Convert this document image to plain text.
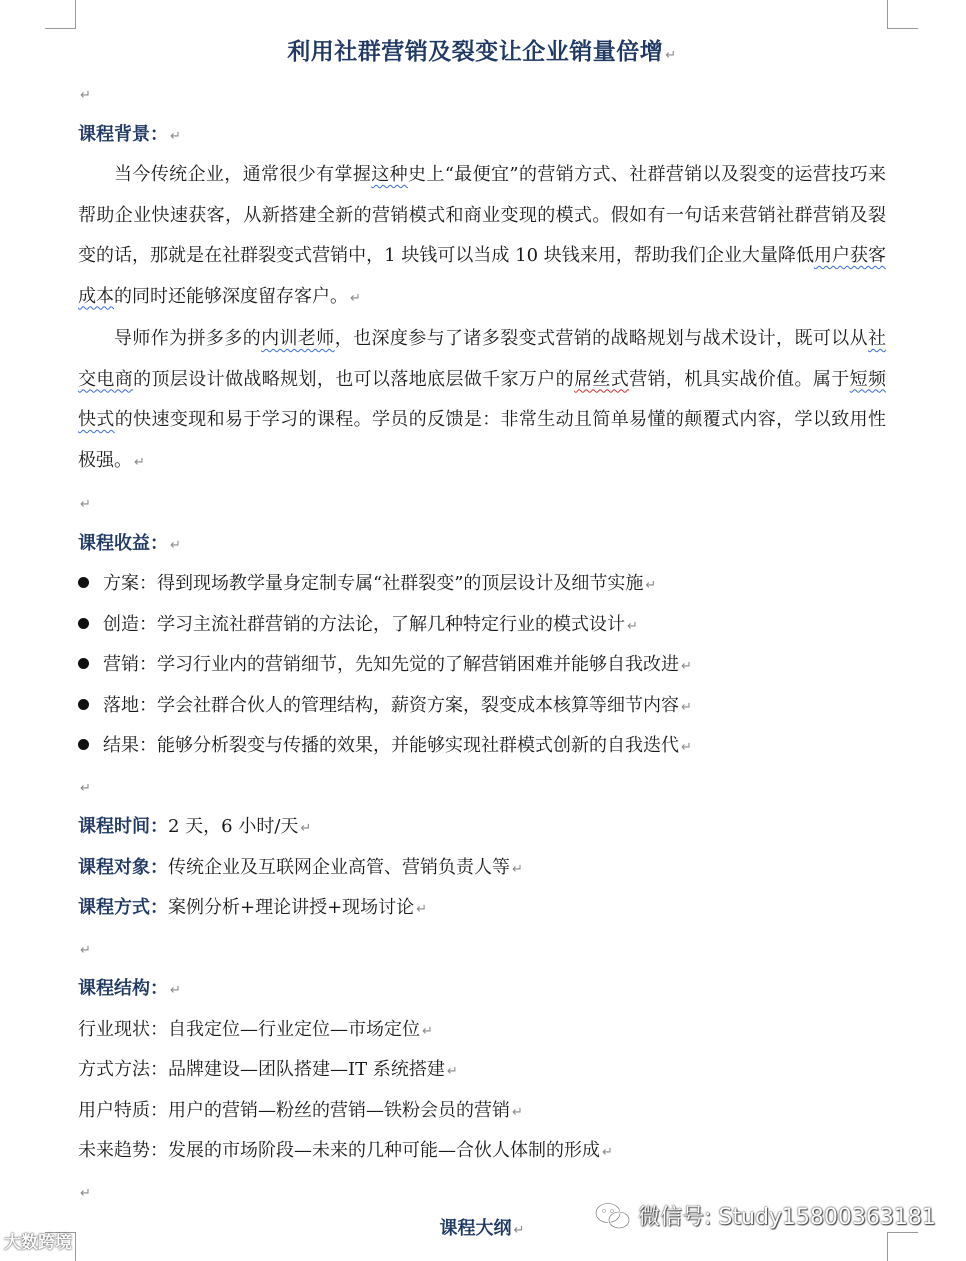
利用社群营销及裂变让企业销量倍增 ↵
↵
课程背景： ↵

当今传统企业，通常很少有掌握这种史上“最便宜”的营销方式、社群营销以及裂变的运营技巧来帮助企业快速获客，从新搭建全新的营销模式和商业变现的模式。假如有一句话来营销社群营销及裂变的话，那就是在社群裂变式营销中，1 块钱可以当成 10 块钱来用，帮助我们企业大量降低用户获客成本的同时还能够深度留存客户。 ↵

导师作为拼多多的内训老师，也深度参与了诸多裂变式营销的战略规划与战术设计，既可以从社交电商的顶层设计做战略规划，也可以落地底层做千家万户的屌丝式营销，机具实战价值。属于短频快式的快速变现和易于学习的课程。学员的反馈是：非常生动且简单易懂的颠覆式内容，学以致用性极强。 ↵

↵
课程收益： ↵
方案：得到现场教学量身定制专属“社群裂变”的顶层设计及细节实施 ↵
创造：学习主流社群营销的方法论，了解几种特定行业的模式设计 ↵
营销：学习行业内的营销细节，先知先觉的了解营销困难并能够自我改进 ↵
落地：学会社群合伙人的管理结构，薪资方案，裂变成本核算等细节内容 ↵
结果：能够分析裂变与传播的效果，并能够实现社群模式创新的自我迭代 ↵
↵
课程时间：2 天，6 小时/天 ↵
课程对象：传统企业及互联网企业高管、营销负责人等 ↵
课程方式：案例分析+理论讲授+现场讨论 ↵
↵
课程结构： ↵
行业现状：自我定位—行业定位—市场定位 ↵
方式方法：品牌建设—团队搭建—IT 系统搭建 ↵
用户特质：用户的营销—粉丝的营销—铁粉会员的营销 ↵
未来趋势：发展的市场阶段—未来的几种可能—合伙人体制的形成 ↵
↵
课程大纲 ↵
大数跨境
微信号: Study15800363181
